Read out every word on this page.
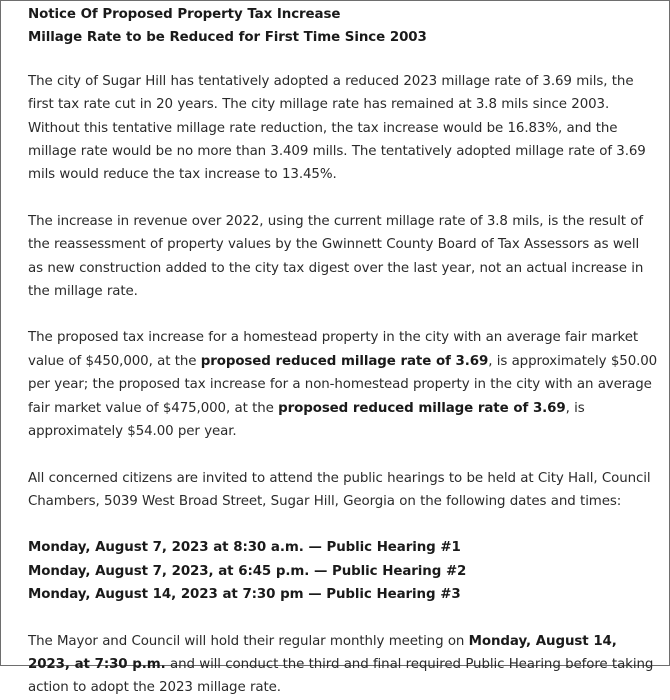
Notice Of Proposed Property Tax Increase

Millage Rate to be Reduced for First Time Since 2003

The city of Sugar Hill has tentatively adopted a reduced 2023 millage rate of 3.69 mils, the first tax rate cut in 20 years. The city millage rate has remained at 3.8 mils since 2003. Without this tentative millage rate reduction, the tax increase would be 16.83%, and the millage rate would be no more than 3.409 mills. The tentatively adopted millage rate of 3.69 mils would reduce the tax increase to 13.45%.

The increase in revenue over 2022, using the current millage rate of 3.8 mils, is the result of the reassessment of property values by the Gwinnett County Board of Tax Assessors as well as new construction added to the city tax digest over the last year, not an actual increase in the millage rate.

The proposed tax increase for a homestead property in the city with an average fair market value of $450,000, at the proposed reduced millage rate of 3.69, is approximately $50.00 per year; the proposed tax increase for a non-homestead property in the city with an average fair market value of $475,000, at the proposed reduced millage rate of 3.69, is approximately $54.00 per year.

All concerned citizens are invited to attend the public hearings to be held at City Hall, Council Chambers, 5039 West Broad Street, Sugar Hill, Georgia on the following dates and times:

Monday, August 7, 2023 at 8:30 a.m. — Public Hearing #1

Monday, August 7, 2023, at 6:45 p.m. — Public Hearing #2

Monday, August 14, 2023 at 7:30 pm — Public Hearing #3

The Mayor and Council will hold their regular monthly meeting on Monday, August 14, 2023, at 7:30 p.m. and will conduct the third and final required Public Hearing before taking action to adopt the 2023 millage rate.
